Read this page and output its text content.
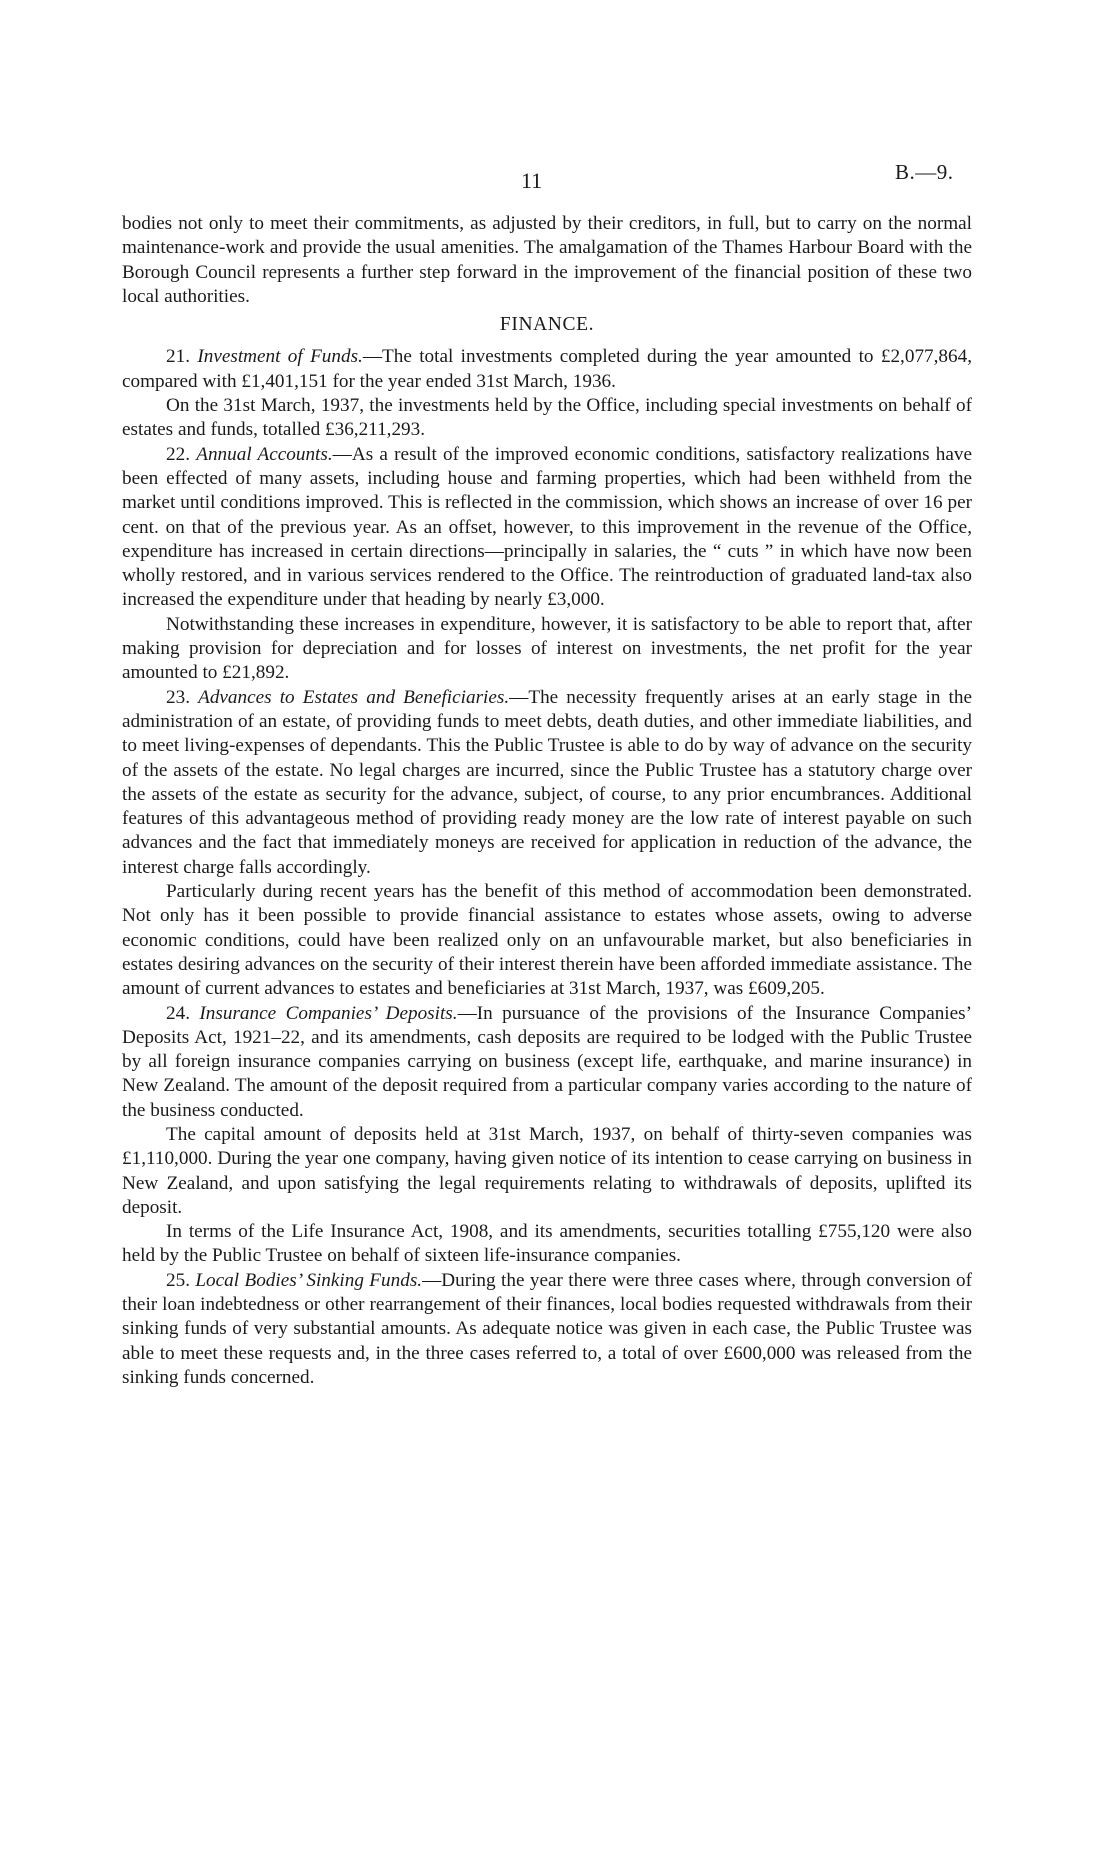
11	B.—9.

bodies not only to meet their commitments, as adjusted by their creditors, in full, but to carry on the normal maintenance-work and provide the usual amenities. The amalgamation of the Thames Harbour Board with the Borough Council represents a further step forward in the improvement of the financial position of these two local authorities.

FINANCE.

21. Investment of Funds.—The total investments completed during the year amounted to £2,077,864, compared with £1,401,151 for the year ended 31st March, 1936.

On the 31st March, 1937, the investments held by the Office, including special investments on behalf of estates and funds, totalled £36,211,293.

22. Annual Accounts.—As a result of the improved economic conditions, satisfactory realizations have been effected of many assets, including house and farming properties, which had been withheld from the market until conditions improved. This is reflected in the commission, which shows an increase of over 16 per cent. on that of the previous year. As an offset, however, to this improvement in the revenue of the Office, expenditure has increased in certain directions—principally in salaries, the “ cuts ” in which have now been wholly restored, and in various services rendered to the Office. The reintroduction of graduated land-tax also increased the expenditure under that heading by nearly £3,000.

Notwithstanding these increases in expenditure, however, it is satisfactory to be able to report that, after making provision for depreciation and for losses of interest on investments, the net profit for the year amounted to £21,892.

23. Advances to Estates and Beneficiaries.—The necessity frequently arises at an early stage in the administration of an estate, of providing funds to meet debts, death duties, and other immediate liabilities, and to meet living-expenses of dependants. This the Public Trustee is able to do by way of advance on the security of the assets of the estate. No legal charges are incurred, since the Public Trustee has a statutory charge over the assets of the estate as security for the advance, subject, of course, to any prior encumbrances. Additional features of this advantageous method of providing ready money are the low rate of interest payable on such advances and the fact that immediately moneys are received for application in reduction of the advance, the interest charge falls accordingly.

Particularly during recent years has the benefit of this method of accommodation been demonstrated. Not only has it been possible to provide financial assistance to estates whose assets, owing to adverse economic conditions, could have been realized only on an unfavourable market, but also beneficiaries in estates desiring advances on the security of their interest therein have been afforded immediate assistance. The amount of current advances to estates and beneficiaries at 31st March, 1937, was £609,205.

24. Insurance Companies’ Deposits.—In pursuance of the provisions of the Insurance Companies’ Deposits Act, 1921–22, and its amendments, cash deposits are required to be lodged with the Public Trustee by all foreign insurance companies carrying on business (except life, earthquake, and marine insurance) in New Zealand. The amount of the deposit required from a particular company varies according to the nature of the business conducted.

The capital amount of deposits held at 31st March, 1937, on behalf of thirty-seven companies was £1,110,000. During the year one company, having given notice of its intention to cease carrying on business in New Zealand, and upon satisfying the legal requirements relating to withdrawals of deposits, uplifted its deposit.

In terms of the Life Insurance Act, 1908, and its amendments, securities totalling £755,120 were also held by the Public Trustee on behalf of sixteen life-insurance companies.

25. Local Bodies’ Sinking Funds.—During the year there were three cases where, through conversion of their loan indebtedness or other rearrangement of their finances, local bodies requested withdrawals from their sinking funds of very substantial amounts. As adequate notice was given in each case, the Public Trustee was able to meet these requests and, in the three cases referred to, a total of over £600,000 was released from the sinking funds concerned.
